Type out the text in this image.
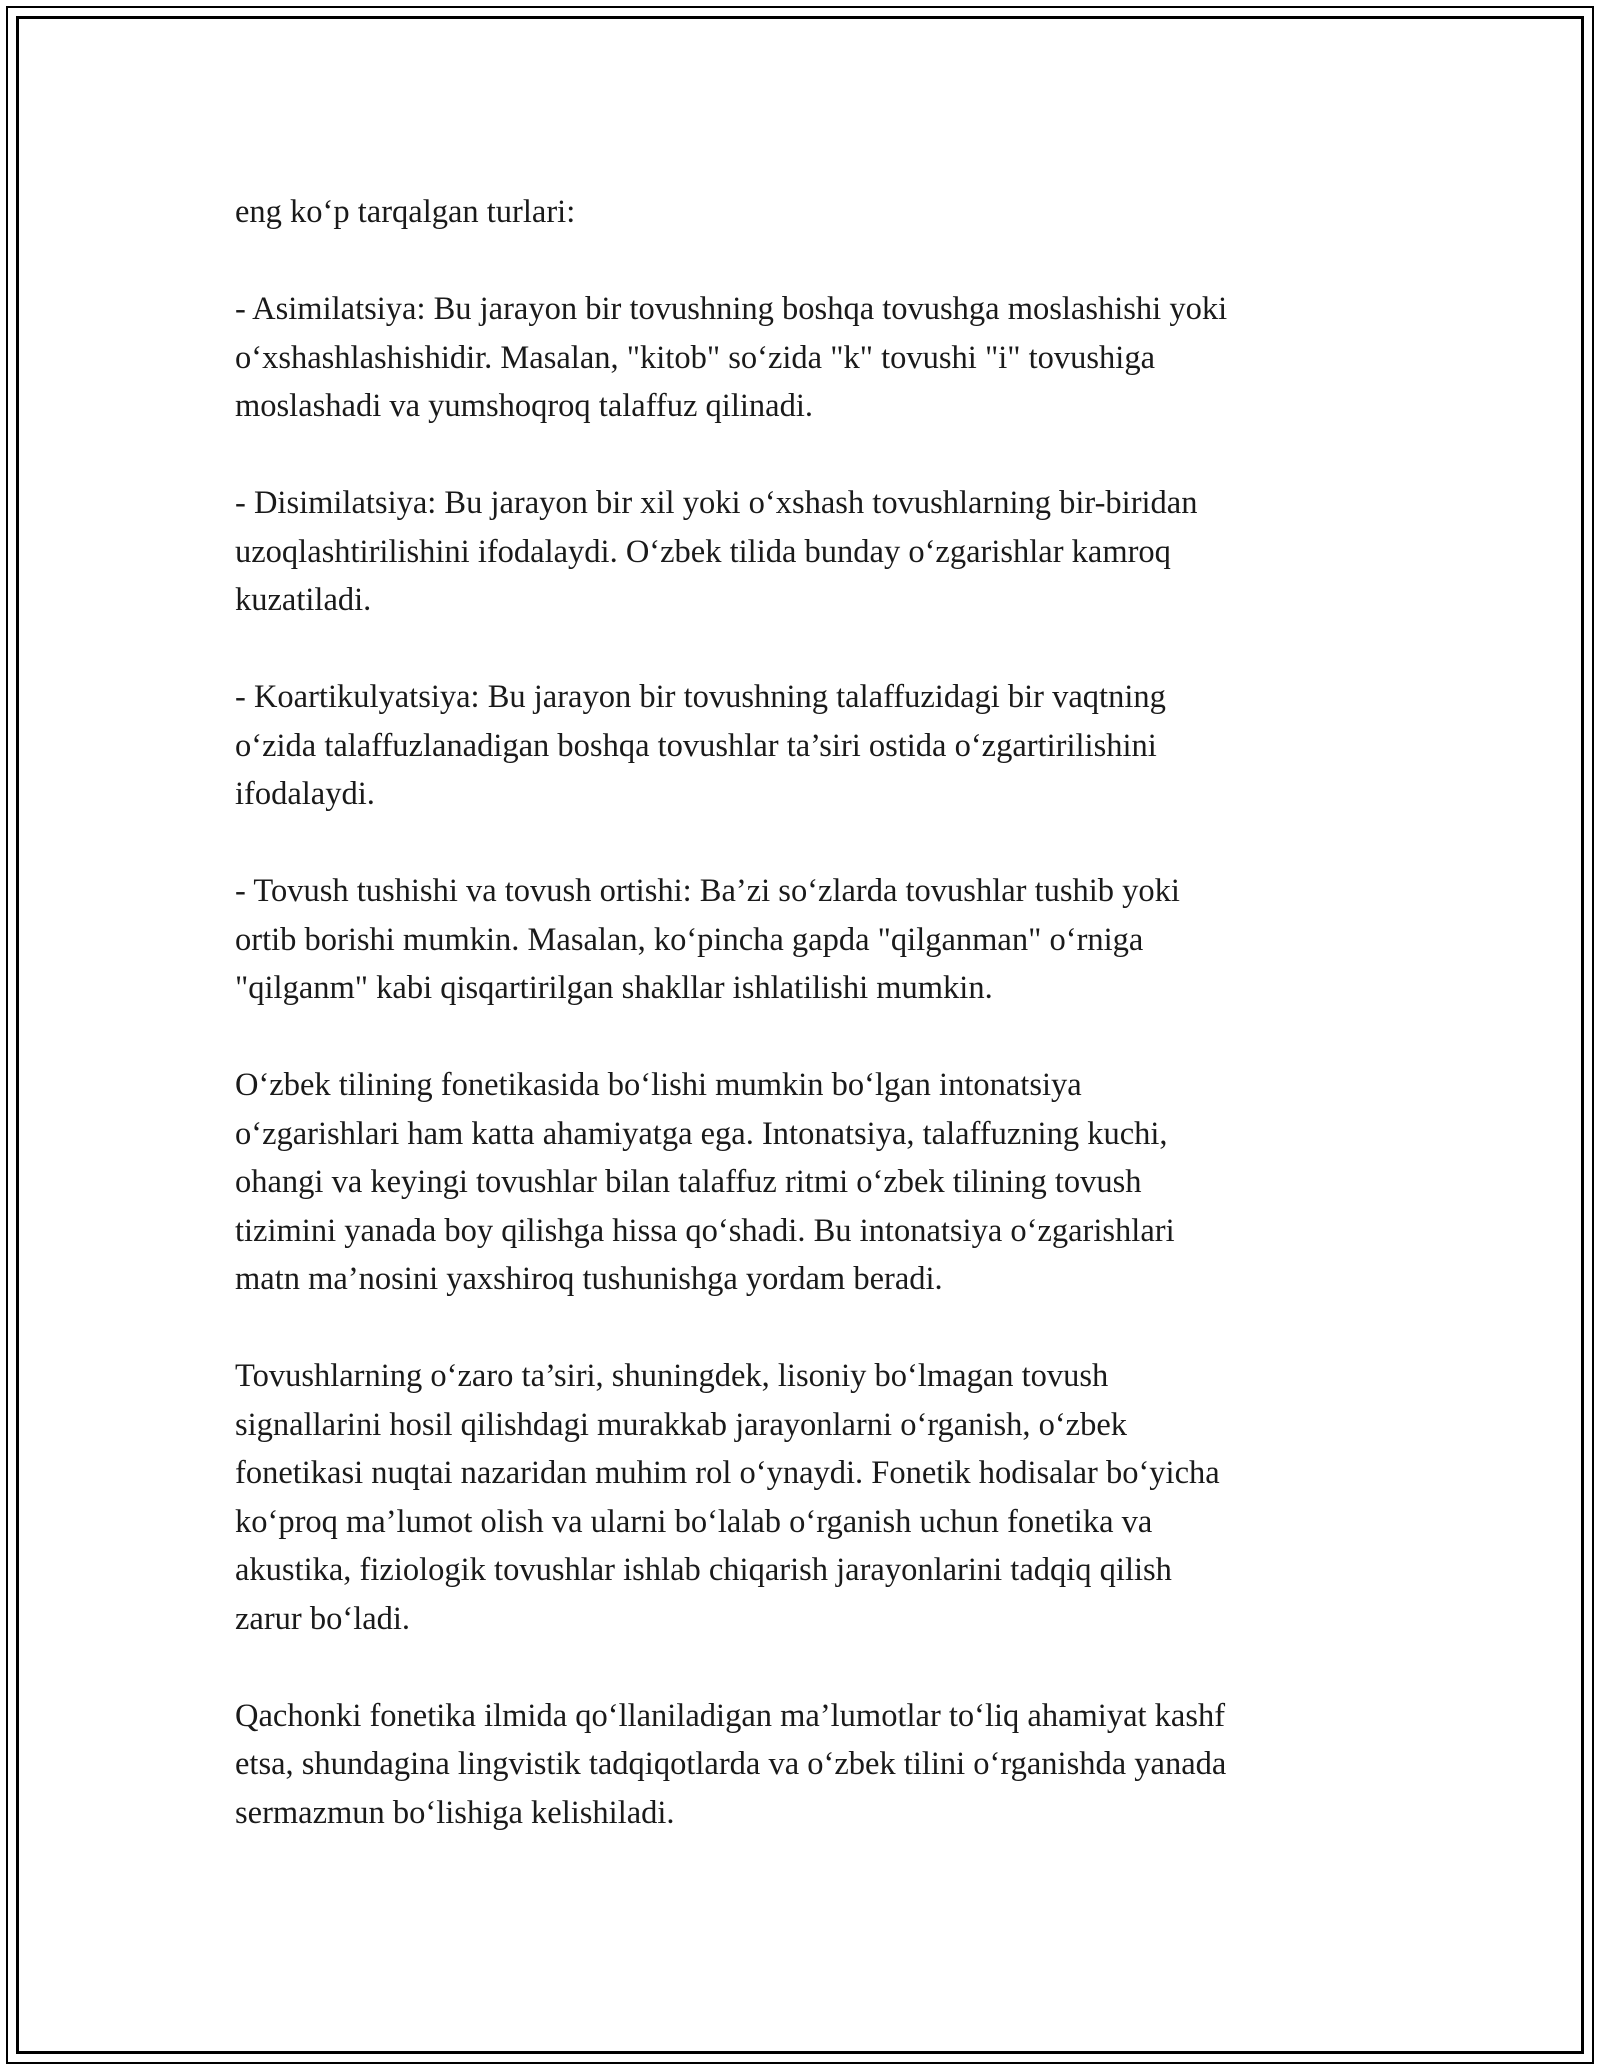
eng ko‘p tarqalgan turlari:

- Asimilatsiya: Bu jarayon bir tovushning boshqa tovushga moslashishi yoki
o‘xshashlashishidir. Masalan, "kitob" so‘zida "k" tovushi "i" tovushiga
moslashadi va yumshoqroq talaffuz qilinadi.

- Disimilatsiya: Bu jarayon bir xil yoki o‘xshash tovushlarning bir-biridan
uzoqlashtirilishini ifodalaydi. O‘zbek tilida bunday o‘zgarishlar kamroq
kuzatiladi.

- Koartikulyatsiya: Bu jarayon bir tovushning talaffuzidagi bir vaqtning
o‘zida talaffuzlanadigan boshqa tovushlar ta’siri ostida o‘zgartirilishini
ifodalaydi.

- Tovush tushishi va tovush ortishi: Ba’zi so‘zlarda tovushlar tushib yoki
ortib borishi mumkin. Masalan, ko‘pincha gapda "qilganman" o‘rniga
"qilganm" kabi qisqartirilgan shakllar ishlatilishi mumkin.

O‘zbek tilining fonetikasida bo‘lishi mumkin bo‘lgan intonatsiya
o‘zgarishlari ham katta ahamiyatga ega. Intonatsiya, talaffuzning kuchi,
ohangi va keyingi tovushlar bilan talaffuz ritmi o‘zbek tilining tovush
tizimini yanada boy qilishga hissa qo‘shadi. Bu intonatsiya o‘zgarishlari
matn ma’nosini yaxshiroq tushunishga yordam beradi.

Tovushlarning o‘zaro ta’siri, shuningdek, lisoniy bo‘lmagan tovush
signallarini hosil qilishdagi murakkab jarayonlarni o‘rganish, o‘zbek
fonetikasi nuqtai nazaridan muhim rol o‘ynaydi. Fonetik hodisalar bo‘yicha
ko‘proq ma’lumot olish va ularni bo‘lalab o‘rganish uchun fonetika va
akustika, fiziologik tovushlar ishlab chiqarish jarayonlarini tadqiq qilish
zarur bo‘ladi.

Qachonki fonetika ilmida qo‘llaniladigan ma’lumotlar to‘liq ahamiyat kashf
etsa, shundagina lingvistik tadqiqotlarda va o‘zbek tilini o‘rganishda yanada
sermazmun bo‘lishiga kelishiladi.
